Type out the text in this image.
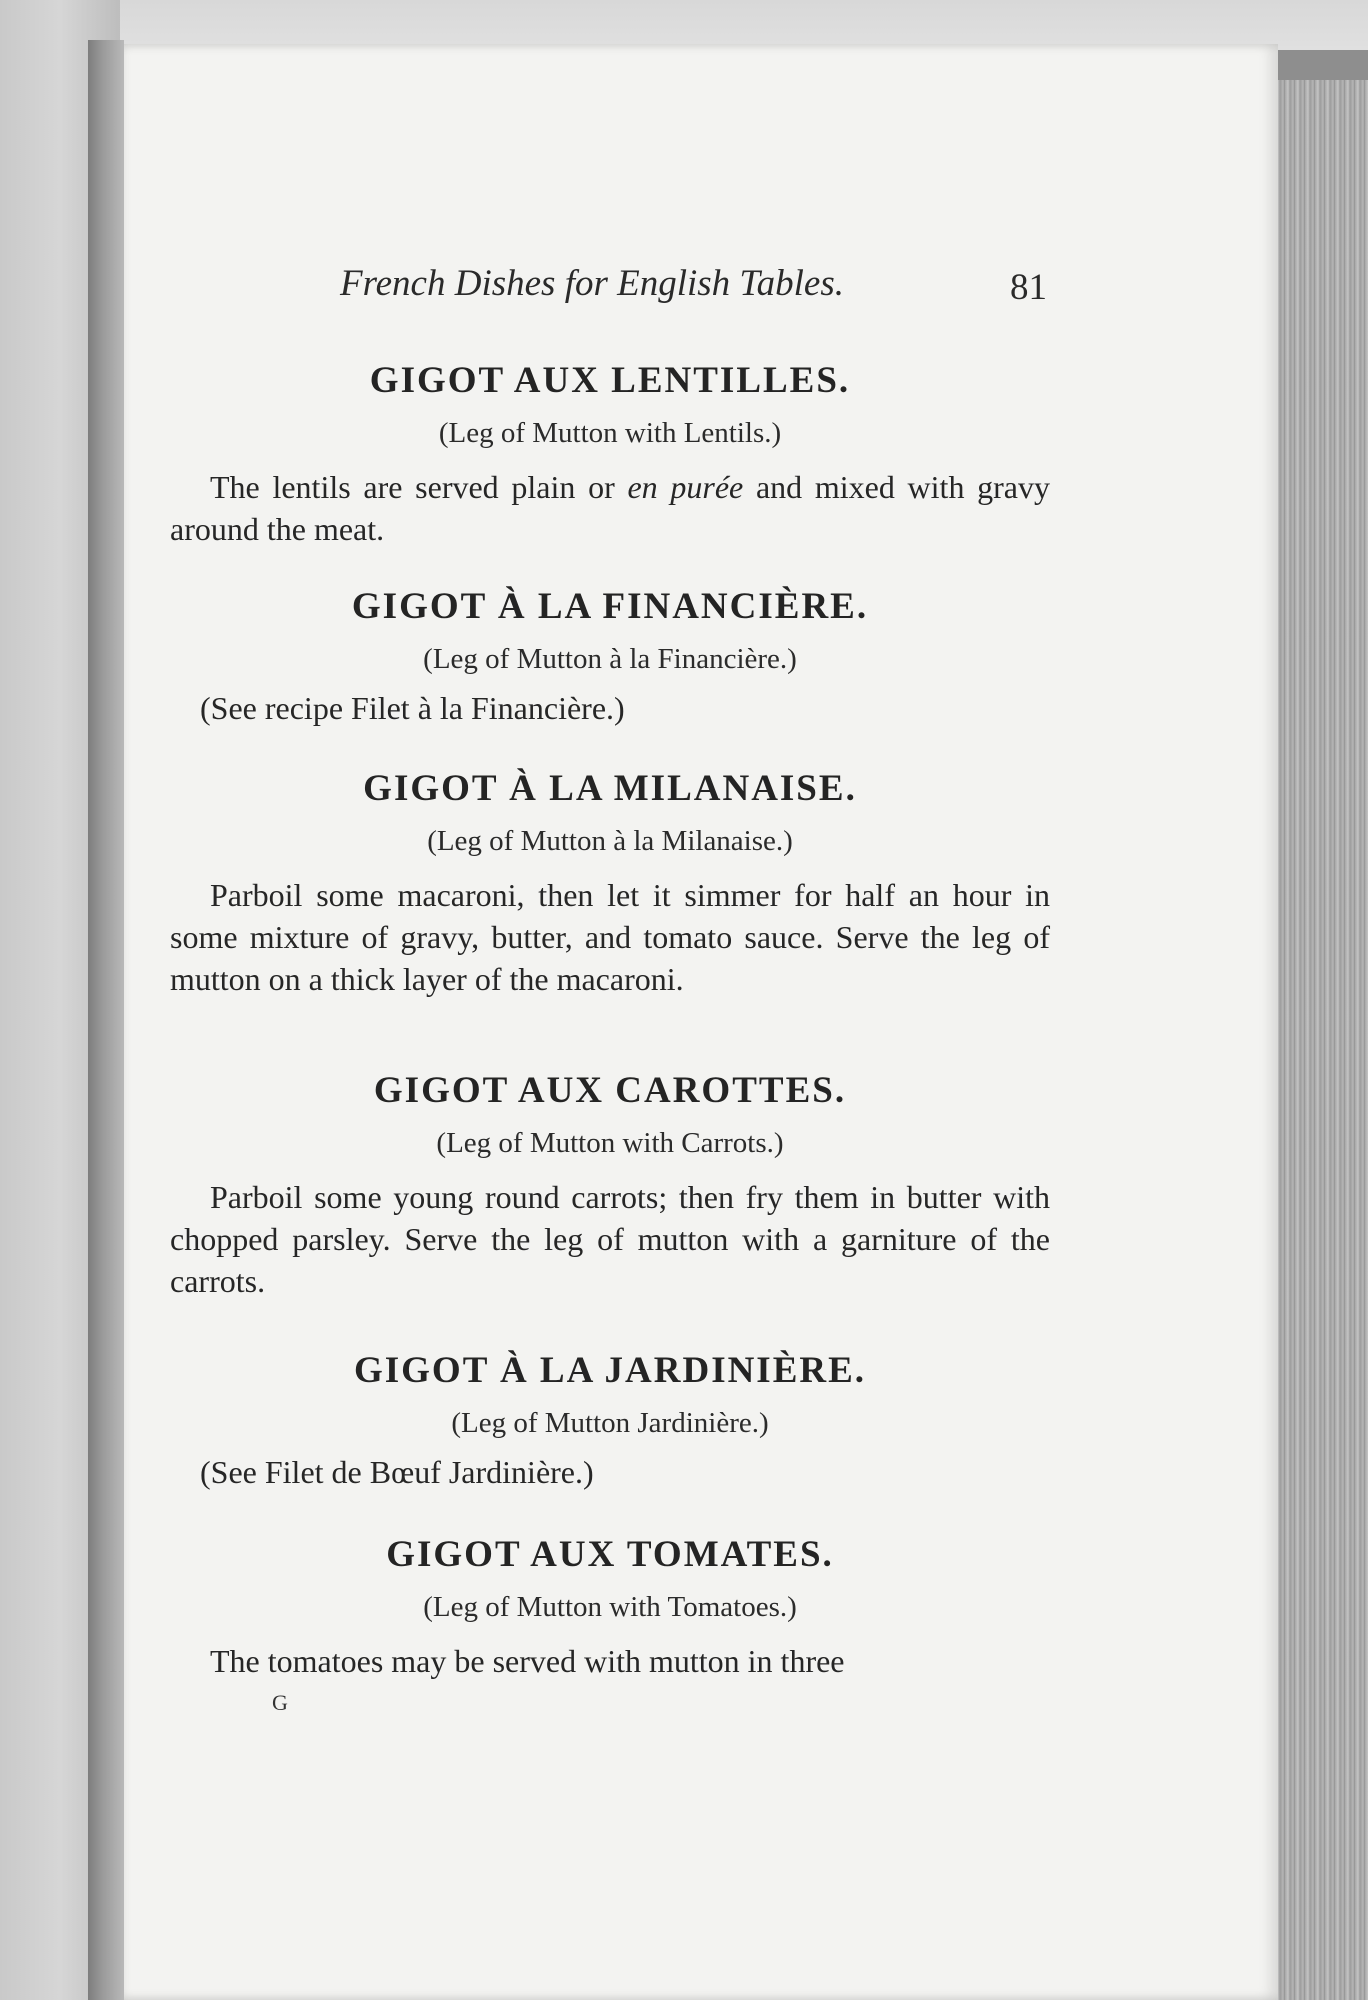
French Dishes for English Tables.	81
GIGOT AUX LENTILLES.
(Leg of Mutton with Lentils.)

The lentils are served plain or en purée and mixed with gravy around the meat.

GIGOT À LA FINANCIÈRE.
(Leg of Mutton à la Financière.)
(See recipe Filet à la Financière.)
GIGOT À LA MILANAISE.
(Leg of Mutton à la Milanaise.)

Parboil some macaroni, then let it simmer for half an hour in some mixture of gravy, butter, and tomato sauce. Serve the leg of mutton on a thick layer of the macaroni.

GIGOT AUX CAROTTES.
(Leg of Mutton with Carrots.)

Parboil some young round carrots; then fry them in butter with chopped parsley. Serve the leg of mutton with a garniture of the carrots.

GIGOT À LA JARDINIÈRE.
(Leg of Mutton Jardinière.)
(See Filet de Bœuf Jardinière.)
GIGOT AUX TOMATES.
(Leg of Mutton with Tomatoes.)

The tomatoes may be served with mutton in three

G
